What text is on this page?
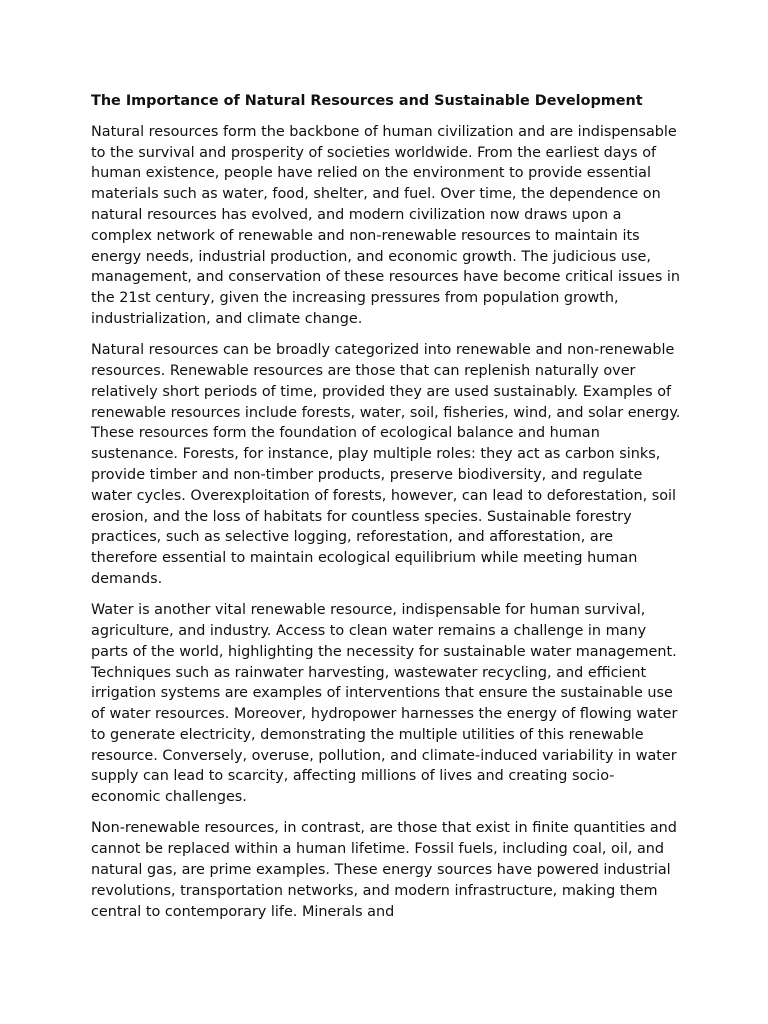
The Importance of Natural Resources and Sustainable Development

Natural resources form the backbone of human civilization and are indispensable to the survival and prosperity of societies worldwide. From the earliest days of human existence, people have relied on the environment to provide essential materials such as water, food, shelter, and fuel. Over time, the dependence on natural resources has evolved, and modern civilization now draws upon a complex network of renewable and non-renewable resources to maintain its energy needs, industrial production, and economic growth. The judicious use, management, and conservation of these resources have become critical issues in the 21st century, given the increasing pressures from population growth, industrialization, and climate change.

Natural resources can be broadly categorized into renewable and non-renewable resources. Renewable resources are those that can replenish naturally over relatively short periods of time, provided they are used sustainably. Examples of renewable resources include forests, water, soil, fisheries, wind, and solar energy. These resources form the foundation of ecological balance and human sustenance. Forests, for instance, play multiple roles: they act as carbon sinks, provide timber and non-timber products, preserve biodiversity, and regulate water cycles. Overexploitation of forests, however, can lead to deforestation, soil erosion, and the loss of habitats for countless species. Sustainable forestry practices, such as selective logging, reforestation, and afforestation, are therefore essential to maintain ecological equilibrium while meeting human demands.

Water is another vital renewable resource, indispensable for human survival, agriculture, and industry. Access to clean water remains a challenge in many parts of the world, highlighting the necessity for sustainable water management. Techniques such as rainwater harvesting, wastewater recycling, and efficient irrigation systems are examples of interventions that ensure the sustainable use of water resources. Moreover, hydropower harnesses the energy of flowing water to generate electricity, demonstrating the multiple utilities of this renewable resource. Conversely, overuse, pollution, and climate-induced variability in water supply can lead to scarcity, affecting millions of lives and creating socio-economic challenges.

Non-renewable resources, in contrast, are those that exist in finite quantities and cannot be replaced within a human lifetime. Fossil fuels, including coal, oil, and natural gas, are prime examples. These energy sources have powered industrial revolutions, transportation networks, and modern infrastructure, making them central to contemporary life. Minerals and
